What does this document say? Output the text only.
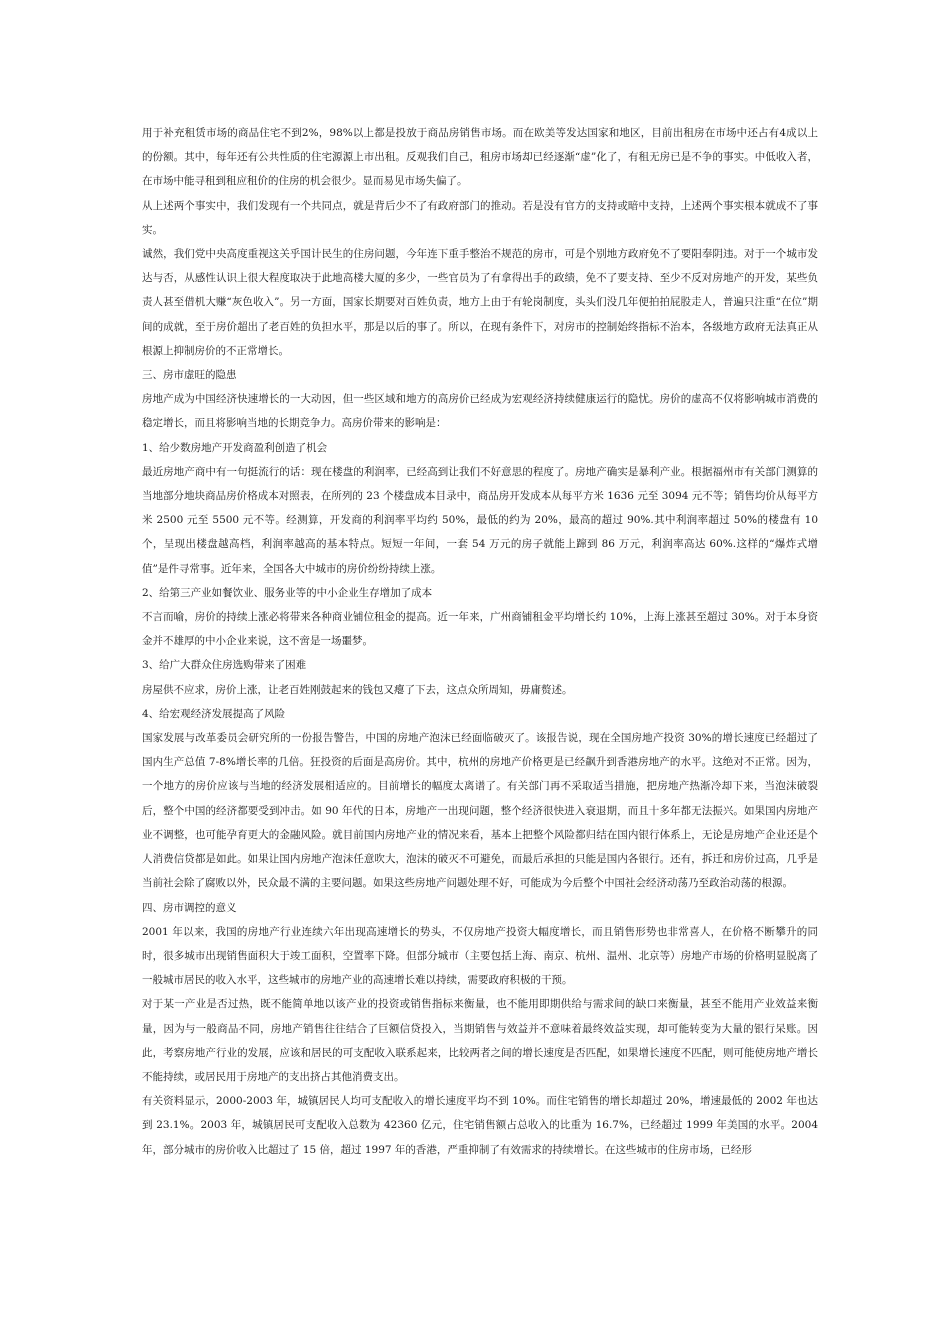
用于补充租赁市场的商品住宅不到2%，98%以上都是投放于商品房销售市场。而在欧美等发达国家和地区，目前出租房在市场中还占有4成以上的份额。其中，每年还有公共性质的住宅源源上市出租。反观我们自己，租房市场却已经逐渐“虚”化了，有租无房已是不争的事实。中低收入者，在市场中能寻租到租应租价的住房的机会很少。显而易见市场失偏了。

从上述两个事实中，我们发现有一个共同点，就是背后少不了有政府部门的推动。若是没有官方的支持或暗中支持，上述两个事实根本就成不了事实。

诚然，我们党中央高度重视这关乎国计民生的住房问题，今年连下重手整治不规范的房市，可是个别地方政府免不了要阳奉阴违。对于一个城市发达与否，从感性认识上很大程度取决于此地高楼大厦的多少，一些官员为了有拿得出手的政绩，免不了要支持、至少不反对房地产的开发，某些负责人甚至借机大赚“灰色收入”。另一方面，国家长期要对百姓负责，地方上由于有轮岗制度，头头们没几年便拍拍屁股走人，普遍只注重“在位”期间的成就，至于房价超出了老百姓的负担水平，那是以后的事了。所以，在现有条件下，对房市的控制始终指标不治本，各级地方政府无法真正从根源上抑制房价的不正常增长。

三、房市虚旺的隐患

房地产成为中国经济快速增长的一大动因，但一些区域和地方的高房价已经成为宏观经济持续健康运行的隐忧。房价的虚高不仅将影响城市消费的稳定增长，而且将影响当地的长期竞争力。高房价带来的影响是：

1、给少数房地产开发商盈利创造了机会

最近房地产商中有一句挺流行的话：现在楼盘的利润率，已经高到让我们不好意思的程度了。房地产确实是暴利产业。根据福州市有关部门测算的当地部分地块商品房价格成本对照表，在所列的 23 个楼盘成本目录中，商品房开发成本从每平方米 1636 元至 3094 元不等；销售均价从每平方米 2500 元至 5500 元不等。经测算，开发商的利润率平均约 50%，最低的约为 20%，最高的超过 90%.其中利润率超过 50%的楼盘有 10 个，呈现出楼盘越高档，利润率越高的基本特点。短短一年间，一套 54 万元的房子就能上蹿到 86 万元，利润率高达 60%.这样的“爆炸式增值”是件寻常事。近年来，全国各大中城市的房价纷纷持续上涨。

2、给第三产业如餐饮业、服务业等的中小企业生存增加了成本

不言而喻，房价的持续上涨必将带来各种商业铺位租金的提高。近一年来，广州商铺租金平均增长约 10%，上海上涨甚至超过 30%。对于本身资金并不雄厚的中小企业来说，这不啻是一场噩梦。

3、给广大群众住房选购带来了困难

房屋供不应求，房价上涨，让老百姓刚鼓起来的钱包又瘪了下去，这点众所周知，毋庸赘述。

4、给宏观经济发展提高了风险

国家发展与改革委员会研究所的一份报告警告，中国的房地产泡沫已经面临破灭了。该报告说，现在全国房地产投资 30%的增长速度已经超过了国内生产总值 7-8%增长率的几倍。狂投资的后面是高房价。其中，杭州的房地产价格更是已经飙升到香港房地产的水平。这绝对不正常。因为，一个地方的房价应该与当地的经济发展相适应的。目前增长的幅度太离谱了。有关部门再不采取适当措施，把房地产热渐冷却下来，当泡沫破裂后，整个中国的经济都要受到冲击。如 90 年代的日本，房地产一出现问题，整个经济很快进入衰退期，而且十多年都无法振兴。如果国内房地产业不调整，也可能孕育更大的金融风险。就目前国内房地产业的情况来看，基本上把整个风险都归结在国内银行体系上，无论是房地产企业还是个人消费信贷都是如此。如果让国内房地产泡沫任意吹大，泡沫的破灭不可避免，而最后承担的只能是国内各银行。还有，拆迁和房价过高，几乎是当前社会除了腐败以外，民众最不满的主要问题。如果这些房地产问题处理不好，可能成为今后整个中国社会经济动荡乃至政治动荡的根源。

四、房市调控的意义

2001 年以来，我国的房地产行业连续六年出现高速增长的势头，不仅房地产投资大幅度增长，而且销售形势也非常喜人，在价格不断攀升的同时，很多城市出现销售面积大于竣工面积，空置率下降。但部分城市（主要包括上海、南京、杭州、温州、北京等）房地产市场的价格明显脱离了一般城市居民的收入水平，这些城市的房地产业的高速增长难以持续，需要政府积极的干预。

对于某一产业是否过热，既不能简单地以该产业的投资或销售指标来衡量，也不能用即期供给与需求间的缺口来衡量，甚至不能用产业效益来衡量，因为与一般商品不同，房地产销售往往结合了巨额信贷投入，当期销售与效益并不意味着最终效益实现，却可能转变为大量的银行呆账。因此，考察房地产行业的发展，应该和居民的可支配收入联系起来，比较两者之间的增长速度是否匹配，如果增长速度不匹配，则可能使房地产增长不能持续，或居民用于房地产的支出挤占其他消费支出。

有关资料显示，2000-2003 年，城镇居民人均可支配收入的增长速度平均不到 10%。而住宅销售的增长却超过 20%，增速最低的 2002 年也达到 23.1%。2003 年，城镇居民可支配收入总数为 42360 亿元，住宅销售额占总收入的比重为 16.7%，已经超过 1999 年美国的水平。2004 年，部分城市的房价收入比超过了 15 倍，超过 1997 年的香港，严重抑制了有效需求的持续增长。在这些城市的住房市场，已经形
